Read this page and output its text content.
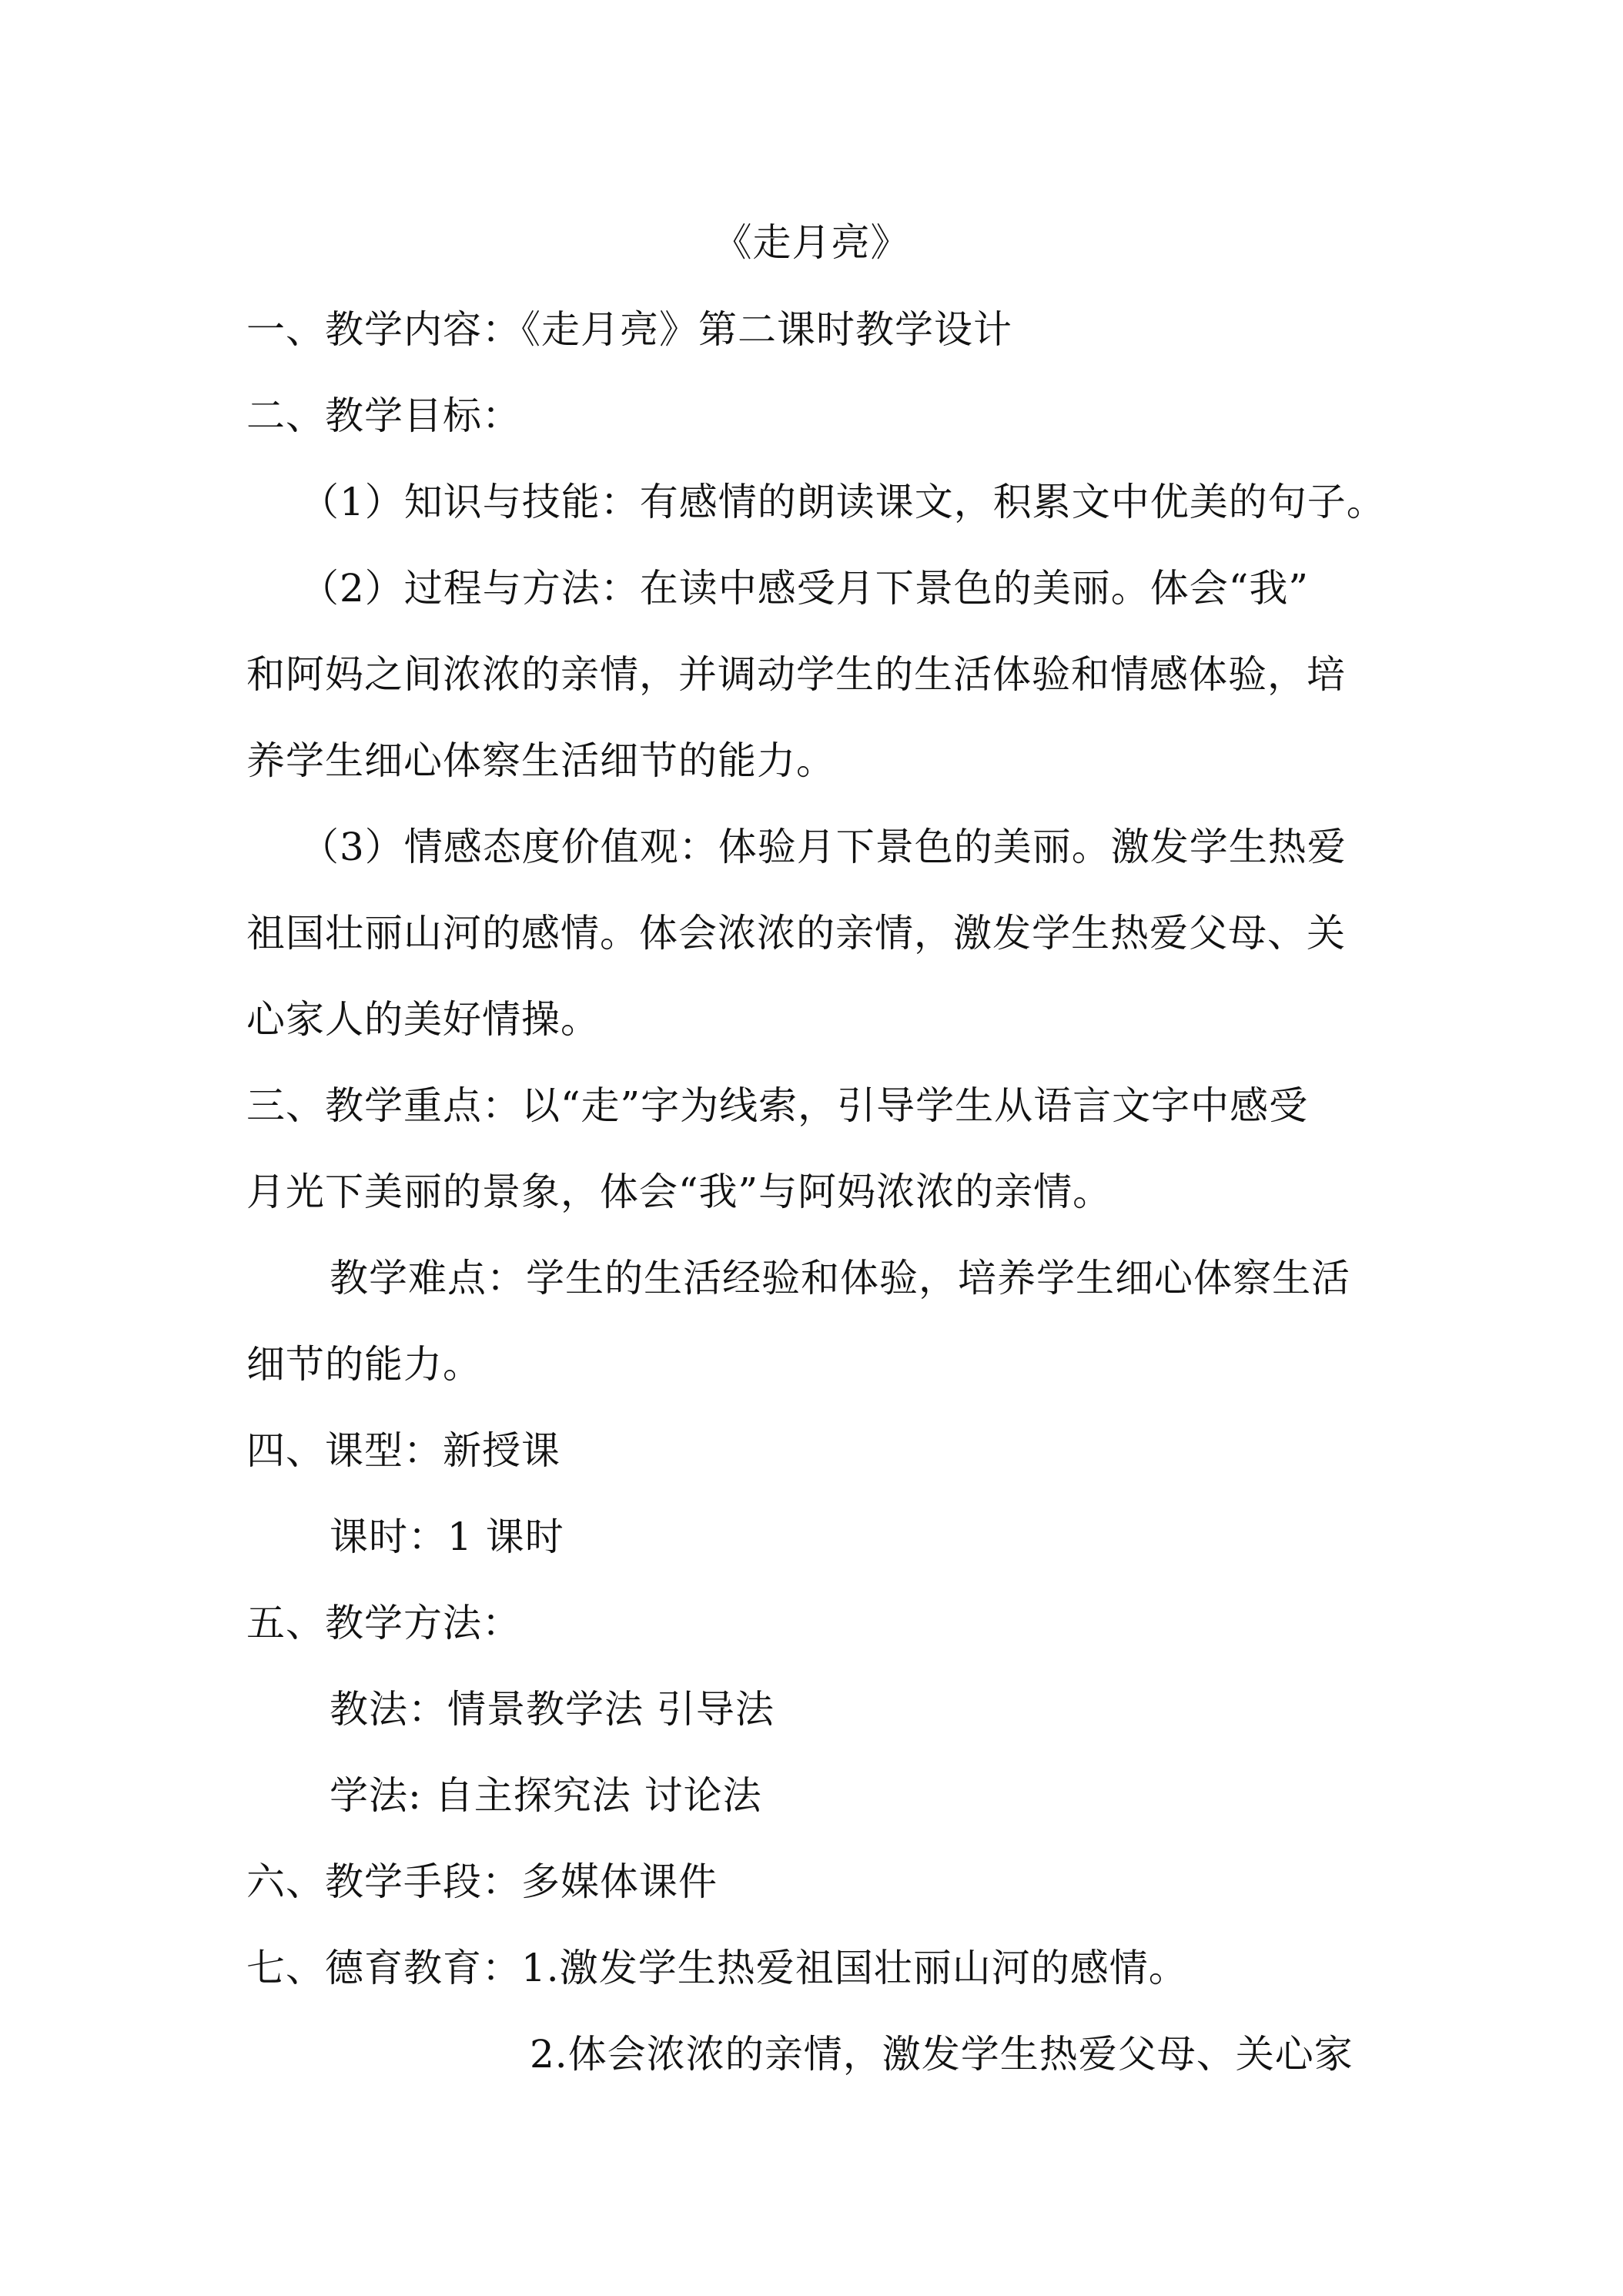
《走月亮》
一、教学内容：《走月亮》第二课时教学设计
二、教学目标：
（1）知识与技能：有感情的朗读课文，积累文中优美的句子。
（2）过程与方法：在读中感受月下景色的美丽。体会“我”
和阿妈之间浓浓的亲情，并调动学生的生活体验和情感体验，培
养学生细心体察生活细节的能力。
（3）情感态度价值观：体验月下景色的美丽。激发学生热爱
祖国壮丽山河的感情。体会浓浓的亲情，激发学生热爱父母、关
心家人的美好情操。
三、教学重点：以“走”字为线索，引导学生从语言文字中感受
月光下美丽的景象，体会“我”与阿妈浓浓的亲情。
教学难点：学生的生活经验和体验，培养学生细心体察生活
细节的能力。
四、课型：新授课
课时：1 课时
五、教学方法：
教法：情景教学法 引导法
学法: 自主探究法 讨论法
六、教学手段：多媒体课件
七、德育教育：1.激发学生热爱祖国壮丽山河的感情。
2.体会浓浓的亲情，激发学生热爱父母、关心家
